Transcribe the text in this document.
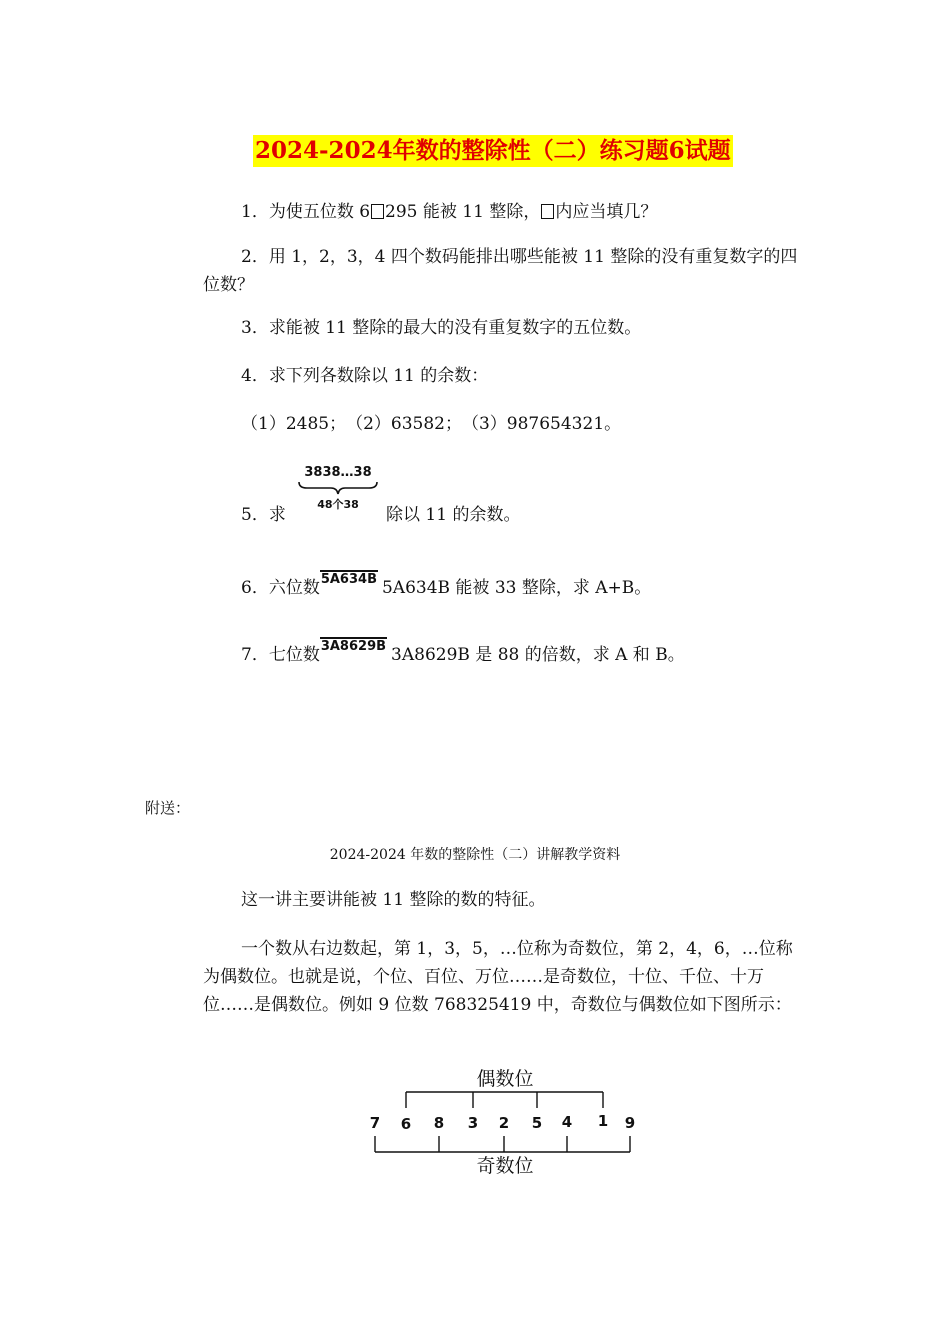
2024-2024年数的整除性（二）练习题6试题
1．为使五位数 6 295 能被 11 整除， 内应当填几？
2．用 1，2，3，4 四个数码能排出哪些能被 11 整除的没有重复数字的四位数？
3．求能被 11 整除的最大的没有重复数字的五位数。
4．求下列各数除以 11 的余数：
（1）2485；　（2）63582；　（3）987654321。
5．求
3838…38
48个38
除以 11 的余数。
6．六位数5A634B 5A634B 能被 33 整除，求 A+B。
7．七位数3A8629B 3A8629B 是 88 的倍数，求 A 和 B。
附送：
2024-2024 年数的整除性（二）讲解教学资料
这一讲主要讲能被 11 整除的数的特征。
一个数从右边数起，第 1，3，5，…位称为奇数位，第 2，4，6，…位称为偶数位。也就是说，个位、百位、万位……是奇数位，十位、千位、十万位……是偶数位。例如 9 位数 768325419 中，奇数位与偶数位如下图所示：
偶数位
7 6 8 3 2 5 4 1 9
奇数位
